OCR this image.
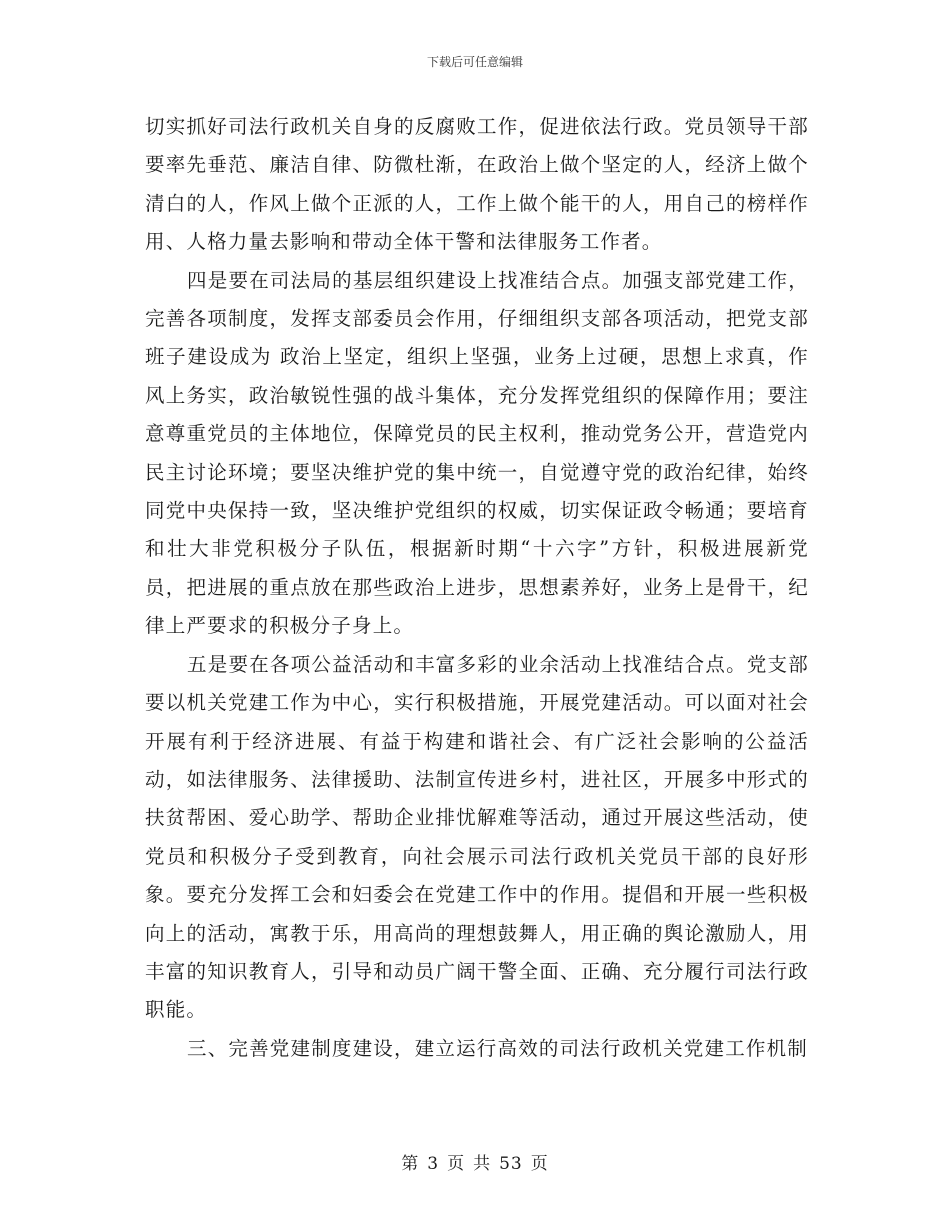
下载后可任意编辑

切实抓好司法行政机关自身的反腐败工作，促进依法行政。党员领导干部要率先垂范、廉洁自律、防微杜渐，在政治上做个坚定的人，经济上做个清白的人，作风上做个正派的人，工作上做个能干的人，用自己的榜样作用、人格力量去影响和带动全体干警和法律服务工作者。

四是要在司法局的基层组织建设上找准结合点。加强支部党建工作，完善各项制度，发挥支部委员会作用，仔细组织支部各项活动，把党支部班子建设成为 政治上坚定，组织上坚强，业务上过硬，思想上求真，作风上务实，政治敏锐性强的战斗集体，充分发挥党组织的保障作用；要注意尊重党员的主体地位，保障党员的民主权利，推动党务公开，营造党内民主讨论环境；要坚决维护党的集中统一，自觉遵守党的政治纪律，始终同党中央保持一致，坚决维护党组织的权威，切实保证政令畅通；要培育和壮大非党积极分子队伍，根据新时期“十六字”方针，积极进展新党员，把进展的重点放在那些政治上进步，思想素养好，业务上是骨干，纪律上严要求的积极分子身上。

五是要在各项公益活动和丰富多彩的业余活动上找准结合点。党支部要以机关党建工作为中心，实行积极措施，开展党建活动。可以面对社会开展有利于经济进展、有益于构建和谐社会、有广泛社会影响的公益活动，如法律服务、法律援助、法制宣传进乡村，进社区，开展多中形式的扶贫帮困、爱心助学、帮助企业排忧解难等活动，通过开展这些活动，使党员和积极分子受到教育，向社会展示司法行政机关党员干部的良好形象。要充分发挥工会和妇委会在党建工作中的作用。提倡和开展一些积极向上的活动，寓教于乐，用高尚的理想鼓舞人，用正确的舆论激励人，用丰富的知识教育人，引导和动员广阔干警全面、正确、充分履行司法行政职能。

三、完善党建制度建设，建立运行高效的司法行政机关党建工作机制

第 3 页 共 53 页
